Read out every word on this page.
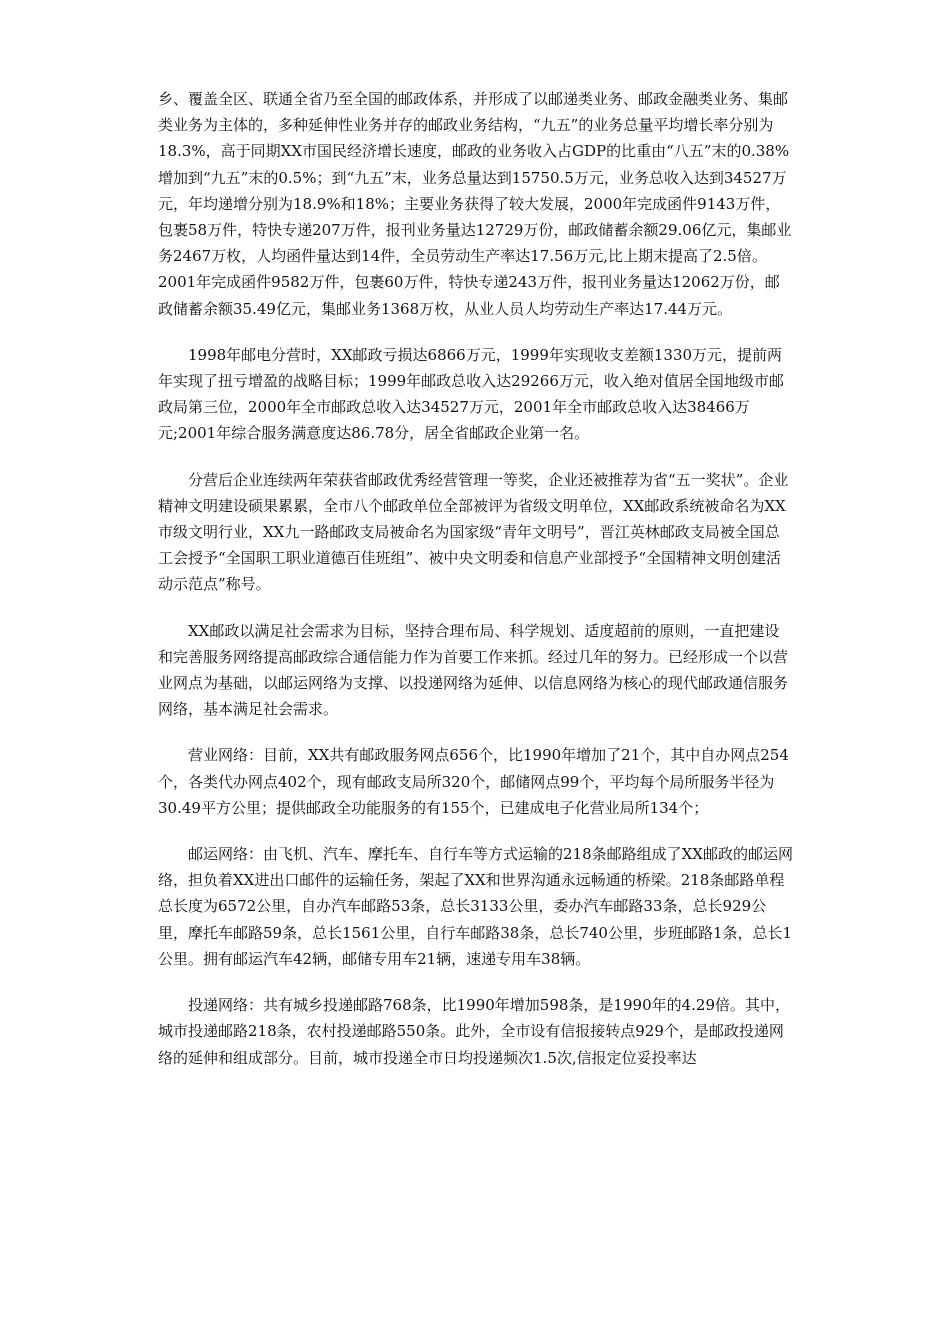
乡、覆盖全区、联通全省乃至全国的邮政体系，并形成了以邮递类业务、邮政金融类业务、集邮类业务为主体的，多种延伸性业务并存的邮政业务结构，“九五”的业务总量平均增长率分别为18.3%，高于同期XX市国民经济增长速度，邮政的业务收入占GDP的比重由“八五”末的0.38%增加到“九五”末的0.5%；到“九五”末，业务总量达到15750.5万元，业务总收入达到34527万元，年均递增分别为18.9%和18%；主要业务获得了较大发展，2000年完成函件9143万件，包裹58万件，特快专递207万件，报刊业务量达12729万份，邮政储蓄余额29.06亿元，集邮业务2467万枚，人均函件量达到14件，全员劳动生产率达17.56万元,比上期末提高了2.5倍。2001年完成函件9582万件，包裹60万件，特快专递243万件，报刊业务量达12062万份，邮政储蓄余额35.49亿元，集邮业务1368万枚，从业人员人均劳动生产率达17.44万元。

1998年邮电分营时，XX邮政亏损达6866万元，1999年实现收支差额1330万元，提前两年实现了扭亏增盈的战略目标；1999年邮政总收入达29266万元，收入绝对值居全国地级市邮政局第三位，2000年全市邮政总收入达34527万元，2001年全市邮政总收入达38466万元;2001年综合服务满意度达86.78分，居全省邮政企业第一名。

分营后企业连续两年荣获省邮政优秀经营管理一等奖，企业还被推荐为省“五一奖状”。企业精神文明建设硕果累累，全市八个邮政单位全部被评为省级文明单位，XX邮政系统被命名为XX市级文明行业，XX九一路邮政支局被命名为国家级“青年文明号”，晋江英林邮政支局被全国总工会授予“全国职工职业道德百佳班组”、被中央文明委和信息产业部授予“全国精神文明创建活动示范点”称号。

XX邮政以满足社会需求为目标，坚持合理布局、科学规划、适度超前的原则，一直把建设和完善服务网络提高邮政综合通信能力作为首要工作来抓。经过几年的努力。已经形成一个以营业网点为基础，以邮运网络为支撑、以投递网络为延伸、以信息网络为核心的现代邮政通信服务网络，基本满足社会需求。

营业网络：目前，XX共有邮政服务网点656个，比1990年增加了21个，其中自办网点254个，各类代办网点402个，现有邮政支局所320个，邮储网点99个，平均每个局所服务半径为30.49平方公里；提供邮政全功能服务的有155个，已建成电子化营业局所134个；

邮运网络：由飞机、汽车、摩托车、自行车等方式运输的218条邮路组成了XX邮政的邮运网络，担负着XX进出口邮件的运输任务，架起了XX和世界沟通永远畅通的桥梁。218条邮路单程总长度为6572公里，自办汽车邮路53条，总长3133公里，委办汽车邮路33条，总长929公里，摩托车邮路59条，总长1561公里，自行车邮路38条，总长740公里，步班邮路1条，总长1公里。拥有邮运汽车42辆，邮储专用车21辆，速递专用车38辆。

投递网络：共有城乡投递邮路768条，比1990年增加598条，是1990年的4.29倍。其中，城市投递邮路218条，农村投递邮路550条。此外，全市设有信报接转点929个，是邮政投递网络的延伸和组成部分。目前，城市投递全市日均投递频次1.5次,信报定位妥投率达
